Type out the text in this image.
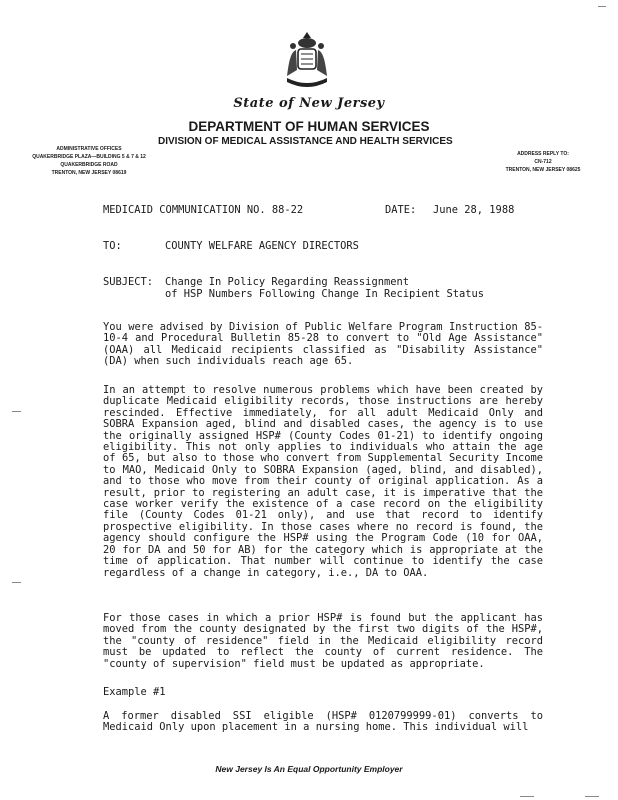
State of New Jersey
DEPARTMENT OF HUMAN SERVICES
DIVISION OF MEDICAL ASSISTANCE AND HEALTH SERVICES
ADMINISTRATIVE OFFICES
QUAKERBRIDGE PLAZA—BUILDING 5 & 7 & 12
QUAKERBRIDGE ROAD
TRENTON, NEW JERSEY 08619
ADDRESS REPLY TO:
CN-712
TRENTON, NEW JERSEY 08625
MEDICAID COMMUNICATION NO. 88-22	DATE: June 28, 1988
TO:	COUNTY WELFARE AGENCY DIRECTORS
SUBJECT: Change In Policy Regarding Reassignment
of HSP Numbers Following Change In Recipient Status

You were advised by Division of Public Welfare Program Instruction 85-10-4 and Procedural Bulletin 85-28 to convert to "Old Age Assistance" (OAA) all Medicaid recipients classified as "Disability Assistance" (DA) when such individuals reach age 65.

In an attempt to resolve numerous problems which have been created by duplicate Medicaid eligibility records, those instructions are hereby rescinded. Effective immediately, for all adult Medicaid Only and SOBRA Expansion aged, blind and disabled cases, the agency is to use the originally assigned HSP# (County Codes 01-21) to identify ongoing eligibility. This not only applies to individuals who attain the age of 65, but also to those who convert from Supplemental Security Income to MAO, Medicaid Only to SOBRA Expansion (aged, blind, and disabled), and to those who move from their county of original application. As a result, prior to registering an adult case, it is imperative that the case worker verify the existence of a case record on the eligibility file (County Codes 01-21 only), and use that record to identify prospective eligibility. In those cases where no record is found, the agency should configure the HSP# using the Program Code (10 for OAA, 20 for DA and 50 for AB) for the category which is appropriate at the time of application. That number will continue to identify the case regardless of a change in category, i.e., DA to OAA.

For those cases in which a prior HSP# is found but the applicant has moved from the county designated by the first two digits of the HSP#, the "county of residence" field in the Medicaid eligibility record must be updated to reflect the county of current residence. The "county of supervision" field must be updated as appropriate.

Example #1

A former disabled SSI eligible (HSP# 0120799999-01) converts to Medicaid Only upon placement in a nursing home. This individual will

New Jersey Is An Equal Opportunity Employer
